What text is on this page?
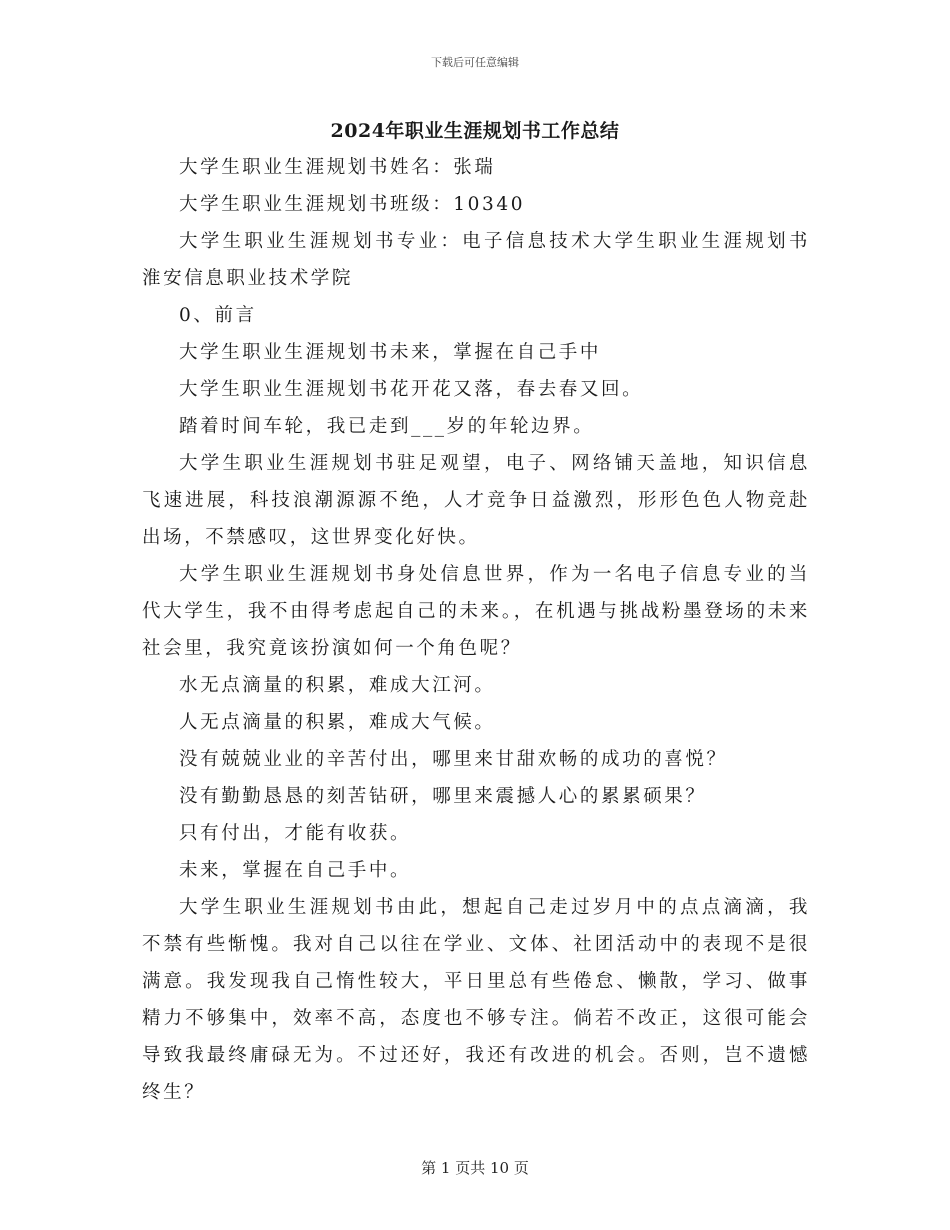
下载后可任意编辑
2024年职业生涯规划书工作总结

大学生职业生涯规划书姓名：张瑞

大学生职业生涯规划书班级：10340

大学生职业生涯规划书专业：电子信息技术大学生职业生涯规划书淮安信息职业技术学院

0、前言

大学生职业生涯规划书未来，掌握在自己手中

大学生职业生涯规划书花开花又落，春去春又回。

踏着时间车轮，我已走到___岁的年轮边界。

大学生职业生涯规划书驻足观望，电子、网络铺天盖地，知识信息飞速进展，科技浪潮源源不绝，人才竞争日益激烈，形形色色人物竞赴出场，不禁感叹，这世界变化好快。

大学生职业生涯规划书身处信息世界，作为一名电子信息专业的当代大学生，我不由得考虑起自己的未来。，在机遇与挑战粉墨登场的未来社会里，我究竟该扮演如何一个角色呢？

水无点滴量的积累，难成大江河。

人无点滴量的积累，难成大气候。

没有兢兢业业的辛苦付出，哪里来甘甜欢畅的成功的喜悦？

没有勤勤恳恳的刻苦钻研，哪里来震撼人心的累累硕果？

只有付出，才能有收获。

未来，掌握在自己手中。

大学生职业生涯规划书由此，想起自己走过岁月中的点点滴滴，我不禁有些惭愧。我对自己以往在学业、文体、社团活动中的表现不是很满意。我发现我自己惰性较大，平日里总有些倦怠、懒散，学习、做事精力不够集中，效率不高，态度也不够专注。倘若不改正，这很可能会导致我最终庸碌无为。不过还好，我还有改进的机会。否则，岂不遗憾终生？

第 1 页共 10 页
